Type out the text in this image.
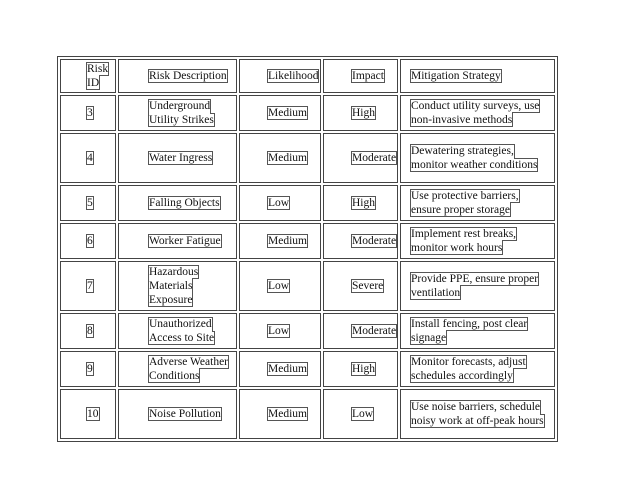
Risk ID	Risk Description	Likelihood	Impact	Mitigation Strategy
3	Underground Utility Strikes	Medium	High	Conduct utility surveys, use non-invasive methods
4	Water Ingress	Medium	Moderate	Dewatering strategies, monitor weather conditions
5	Falling Objects	Low	High	Use protective barriers, ensure proper storage
6	Worker Fatigue	Medium	Moderate	Implement rest breaks, monitor work hours
7	Hazardous Materials Exposure	Low	Severe	Provide PPE, ensure proper ventilation
8	Unauthorized Access to Site	Low	Moderate	Install fencing, post clear signage
9	Adverse Weather Conditions	Medium	High	Monitor forecasts, adjust schedules accordingly
10	Noise Pollution	Medium	Low	Use noise barriers, schedule noisy work at off-peak hours
